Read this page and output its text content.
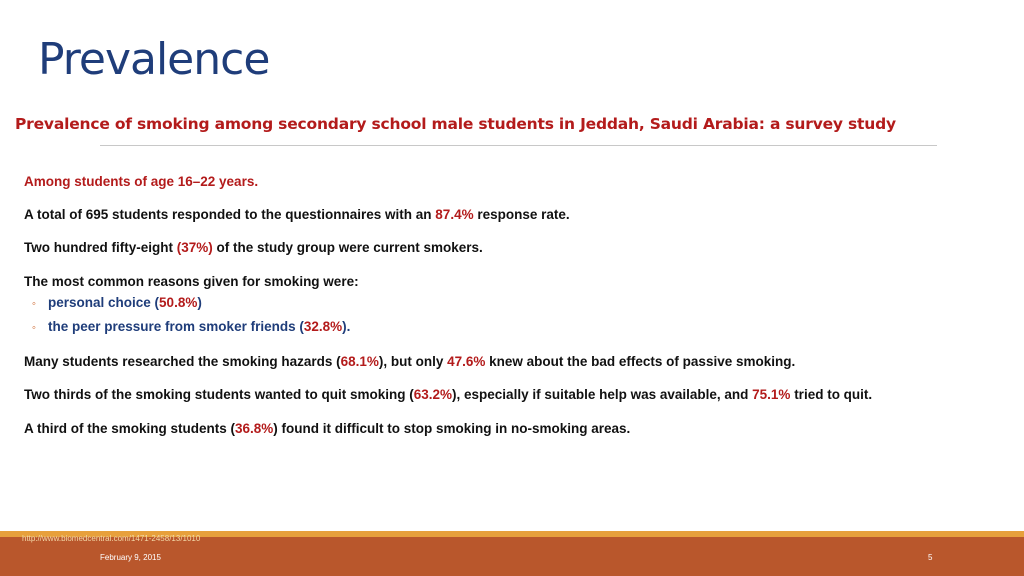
Prevalence
Prevalence of smoking among secondary school male students in Jeddah, Saudi Arabia: a survey study
Among students of age 16–22 years.
A total of 695 students responded to the questionnaires with an 87.4% response rate.
Two hundred fifty-eight (37%) of the study group were current smokers.
The most common reasons given for smoking were:
◦ personal choice (50.8%)
◦ the peer pressure from smoker friends (32.8%).
Many students researched the smoking hazards (68.1%), but only 47.6% knew about the bad effects of passive smoking.
Two thirds of the smoking students wanted to quit smoking (63.2%), especially if suitable help was available, and 75.1% tried to quit.
A third of the smoking students (36.8%) found it difficult to stop smoking in no-smoking areas.
http://www.biomedcentral.com/1471-2458/13/1010
February 9, 2015	5
